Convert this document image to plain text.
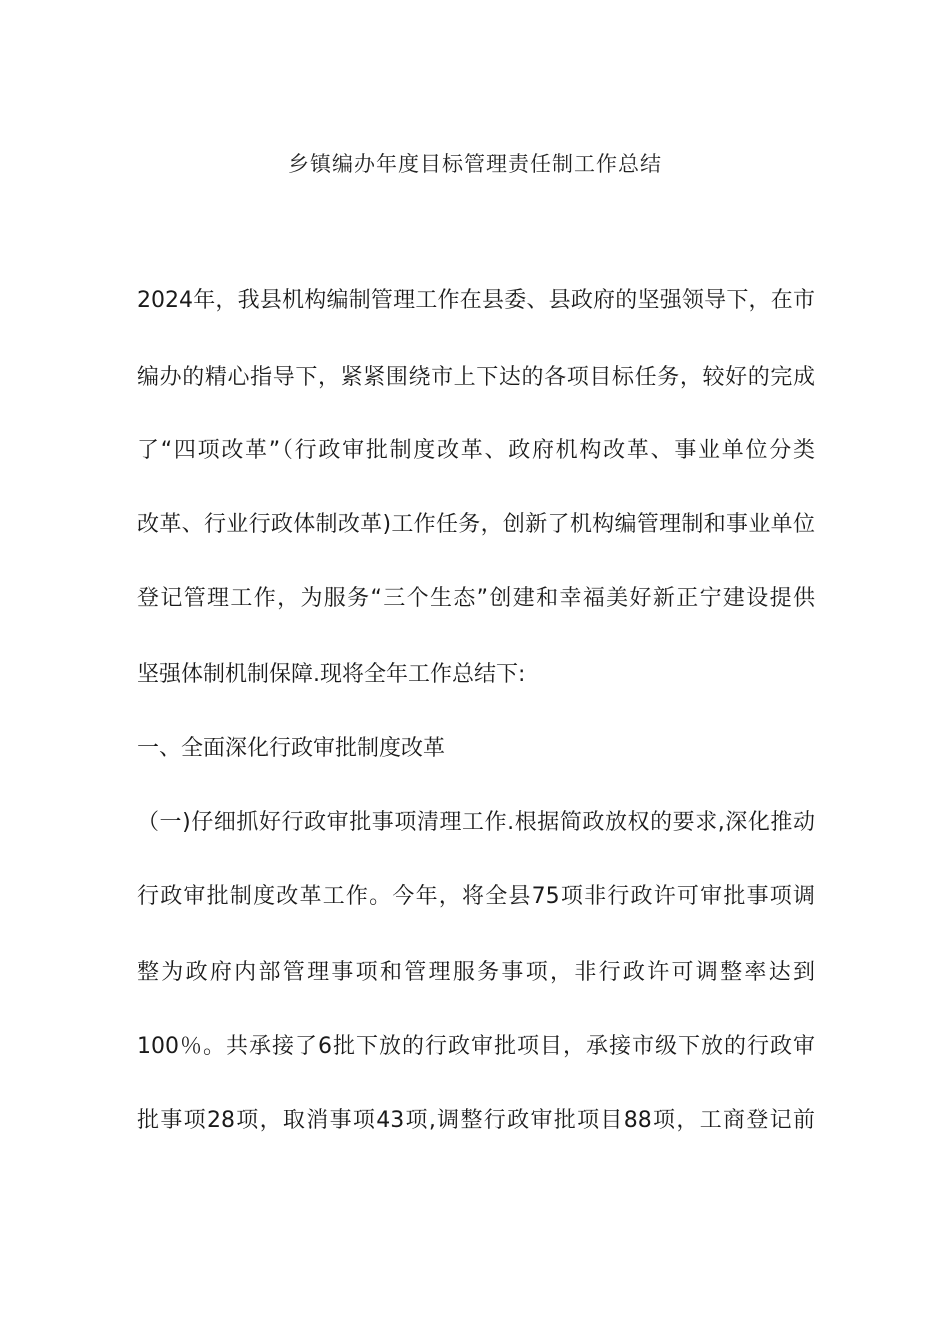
乡镇编办年度目标管理责任制工作总结
2024年，我县机构编制管理工作在县委、县政府的坚强领导下，在市
编办的精心指导下，紧紧围绕市上下达的各项目标任务，较好的完成
了“四项改革”（行政审批制度改革、政府机构改革、事业单位分类
改革、行业行政体制改革)工作任务，创新了机构编管理制和事业单位
登记管理工作，为服务“三个生态”创建和幸福美好新正宁建设提供
坚强体制机制保障.现将全年工作总结下:
一、全面深化行政审批制度改革
（一)仔细抓好行政审批事项清理工作.根据简政放权的要求,深化推动
行政审批制度改革工作。今年，将全县75项非行政许可审批事项调
整为政府内部管理事项和管理服务事项，非行政许可调整率达到
100％。共承接了6批下放的行政审批项目，承接市级下放的行政审
批事项28项，取消事项43项,调整行政审批项目88项，工商登记前
